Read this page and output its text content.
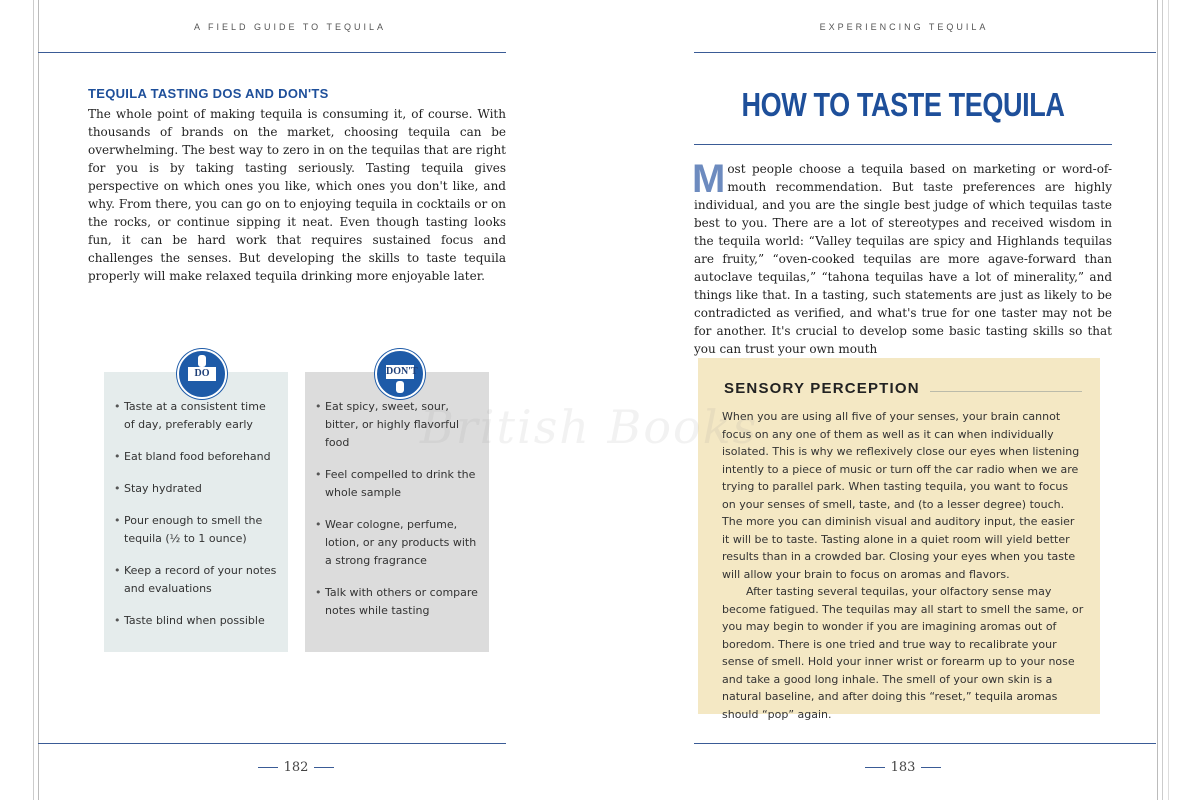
A FIELD GUIDE TO TEQUILA
TEQUILA TASTING DOS AND DON'TS

The whole point of making tequila is consuming it, of course. With thousands of brands on the market, choosing tequila can be overwhelming. The best way to zero in on the tequilas that are right for you is by taking tasting seriously. Tasting tequila gives perspective on which ones you like, which ones you don't like, and why. From there, you can go on to enjoying tequila in cocktails or on the rocks, or continue sipping it neat. Even though tasting looks fun, it can be hard work that requires sustained focus and challenges the senses. But developing the skills to taste tequila properly will make relaxed tequila drinking more enjoyable later.

• Taste at a consistent time of day, preferably early
• Eat bland food beforehand
• Stay hydrated
• Pour enough to smell the tequila (½ to 1 ounce)
• Keep a record of your notes and evaluations
• Taste blind when possible
• Eat spicy, sweet, sour, bitter, or highly flavorful food
• Feel compelled to drink the whole sample
• Wear cologne, perfume, lotion, or any products with a strong fragrance
• Talk with others or compare notes while tasting
DO	DON'T
182
EXPERIENCING TEQUILA
HOW TO TASTE TEQUILA

Most people choose a tequila based on marketing or word-of-mouth recommendation. But taste preferences are highly individual, and you are the single best judge of which tequilas taste best to you. There are a lot of stereotypes and received wisdom in the tequila world: “Valley tequilas are spicy and Highlands tequilas are fruity,” “oven-cooked tequilas are more agave-forward than autoclave tequilas,” “tahona tequilas have a lot of minerality,” and things like that. In a tasting, such statements are just as likely to be contradicted as verified, and what's true for one taster may not be for another. It's crucial to develop some basic tasting skills so that you can trust your own mouth

SENSORY PERCEPTION

When you are using all five of your senses, your brain cannot focus on any one of them as well as it can when individually isolated. This is why we reflexively close our eyes when listening intently to a piece of music or turn off the car radio when we are trying to parallel park. When tasting tequila, you want to focus on your senses of smell, taste, and (to a lesser degree) touch. The more you can diminish visual and auditory input, the easier it will be to taste. Tasting alone in a quiet room will yield better results than in a crowded bar. Closing your eyes when you taste will allow your brain to focus on aromas and flavors.

After tasting several tequilas, your olfactory sense may become fatigued. The tequilas may all start to smell the same, or you may begin to wonder if you are imagining aromas out of boredom. There is one tried and true way to recalibrate your sense of smell. Hold your inner wrist or forearm up to your nose and take a good long inhale. The smell of your own skin is a natural baseline, and after doing this “reset,” tequila aromas should “pop” again.

183
British Books
